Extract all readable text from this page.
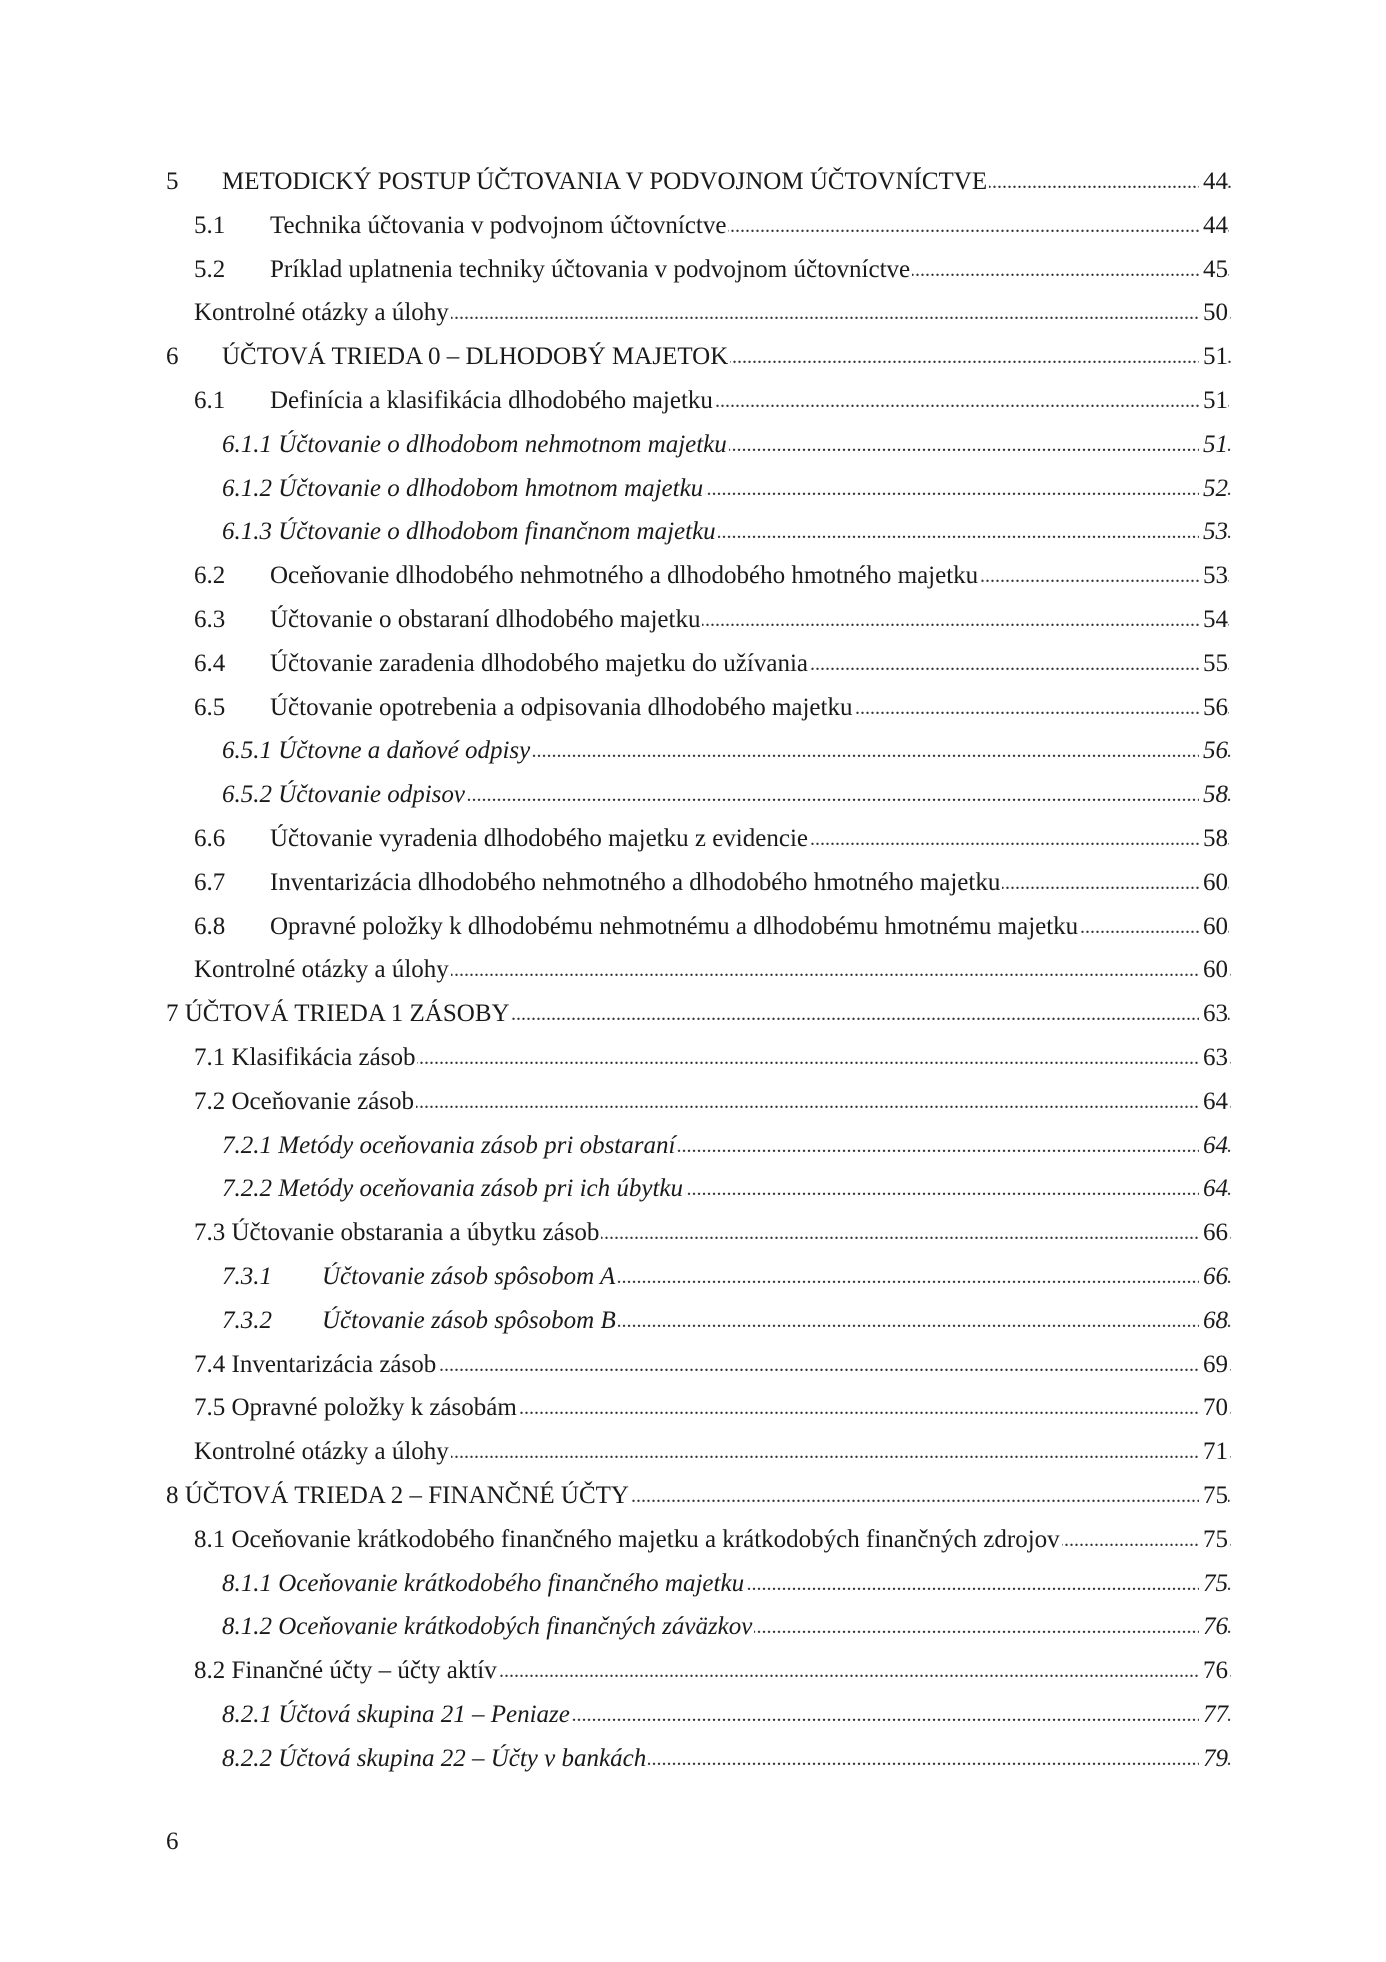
5 METODICKÝ POSTUP ÚČTOVANIA V PODVOJNOM ÚČTOVNÍCTVE . . .	44
5.1 Technika účtovania v podvojnom účtovníctve . . .	44
5.2 Príklad uplatnenia techniky účtovania v podvojnom účtovníctve . . .	45
Kontrolné otázky a úlohy . . .	50
6 ÚČTOVÁ TRIEDA 0 – DLHODOBÝ MAJETOK . . .	51
6.1 Definícia a klasifikácia dlhodobého majetku . . .	51
6.1.1 Účtovanie o dlhodobom nehmotnom majetku . . .	51
6.1.2 Účtovanie o dlhodobom hmotnom majetku . . .	52
6.1.3 Účtovanie o dlhodobom finančnom majetku . . .	53
6.2 Oceňovanie dlhodobého nehmotného a dlhodobého hmotného majetku . . .	53
6.3 Účtovanie o obstaraní dlhodobého majetku . . .	54
6.4 Účtovanie zaradenia dlhodobého majetku do užívania . . .	55
6.5 Účtovanie opotrebenia a odpisovania dlhodobého majetku . . .	56
6.5.1 Účtovne a daňové odpisy . . .	56
6.5.2 Účtovanie odpisov . . .	58
6.6 Účtovanie vyradenia dlhodobého majetku z evidencie . . .	58
6.7 Inventarizácia dlhodobého nehmotného a dlhodobého hmotného majetku . . .	60
6.8 Opravné položky k dlhodobému nehmotnému a dlhodobému hmotnému majetku . . .	60
Kontrolné otázky a úlohy . . .	60
7 ÚČTOVÁ TRIEDA 1 ZÁSOBY . . .	63
7.1 Klasifikácia zásob . . .	63
7.2 Oceňovanie zásob . . .	64
7.2.1 Metódy oceňovania zásob pri obstaraní . . .	64
7.2.2 Metódy oceňovania zásob pri ich úbytku . . .	64
7.3 Účtovanie obstarania a úbytku zásob . . .	66
7.3.1 Účtovanie zásob spôsobom A . . .	66
7.3.2 Účtovanie zásob spôsobom B . . .	68
7.4 Inventarizácia zásob . . .	69
7.5 Opravné položky k zásobám . . .	70
Kontrolné otázky a úlohy . . .	71
8 ÚČTOVÁ TRIEDA 2 – FINANČNÉ ÚČTY . . .	75
8.1 Oceňovanie krátkodobého finančného majetku a krátkodobých finančných zdrojov . . .	75
8.1.1 Oceňovanie krátkodobého finančného majetku . . .	75
8.1.2 Oceňovanie krátkodobých finančných záväzkov . . .	76
8.2 Finančné účty – účty aktív . . .	76
8.2.1 Účtová skupina 21 – Peniaze . . .	77
8.2.2 Účtová skupina 22 – Účty v bankách . . .	79
6
